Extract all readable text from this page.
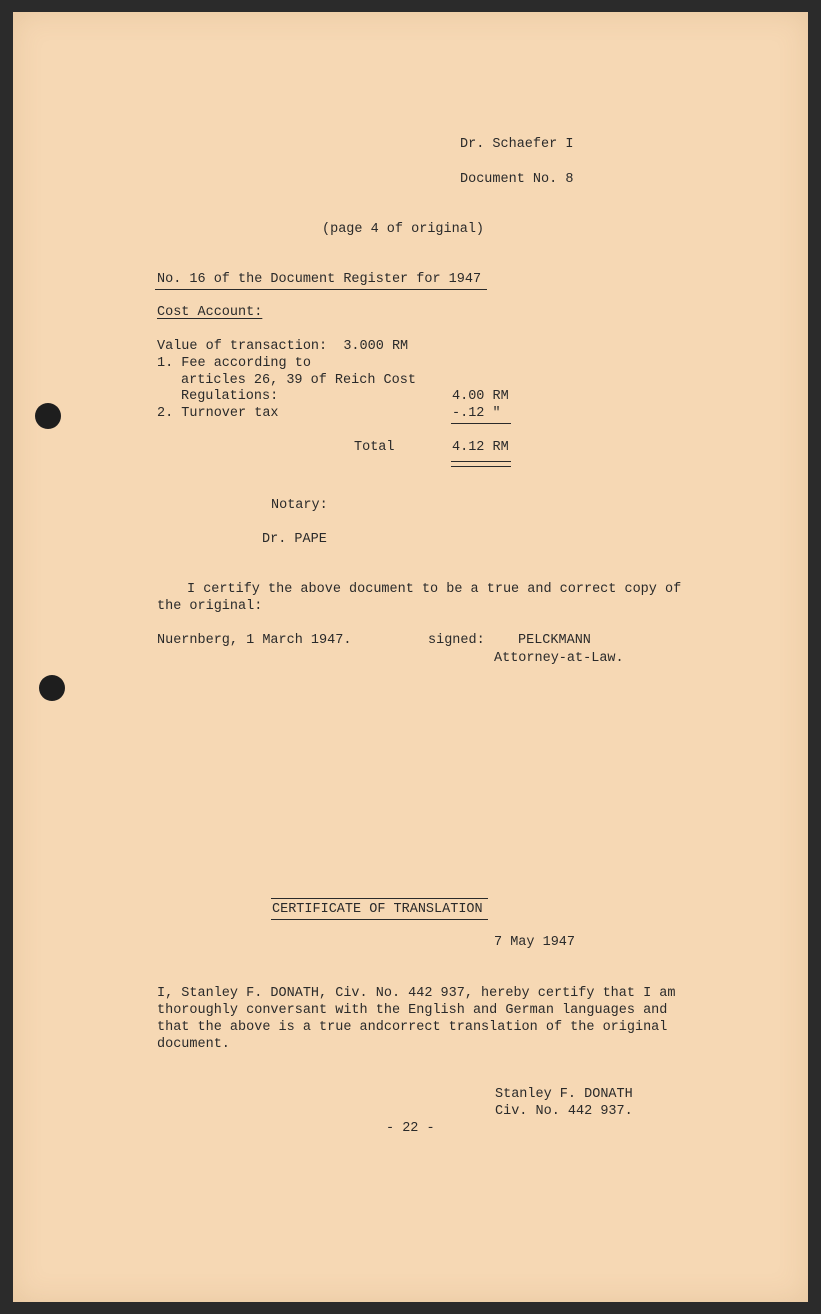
Dr. Schaefer I
Document No. 8
(page 4 of original)
No. 16 of the Document Register for 1947
Cost Account:
Value of transaction:  3.000 RM
1. Fee according to
articles 26, 39 of Reich Cost
Regulations:	4.00 RM
2. Turnover tax	-.12 "
Total	4.12 RM
Notary:
Dr. PAPE
I certify the above document to be a true and correct copy of
the original:
Nuernberg, 1 March 1947.	signed: PELCKMANN
Attorney-at-Law.
CERTIFICATE OF TRANSLATION
7 May 1947
I, Stanley F. DONATH, Civ. No. 442 937, hereby certify that I am
thoroughly conversant with the English and German languages and
that the above is a true andcorrect translation of the original
document.
Stanley F. DONATH
Civ. No. 442 937.
- 22 -
